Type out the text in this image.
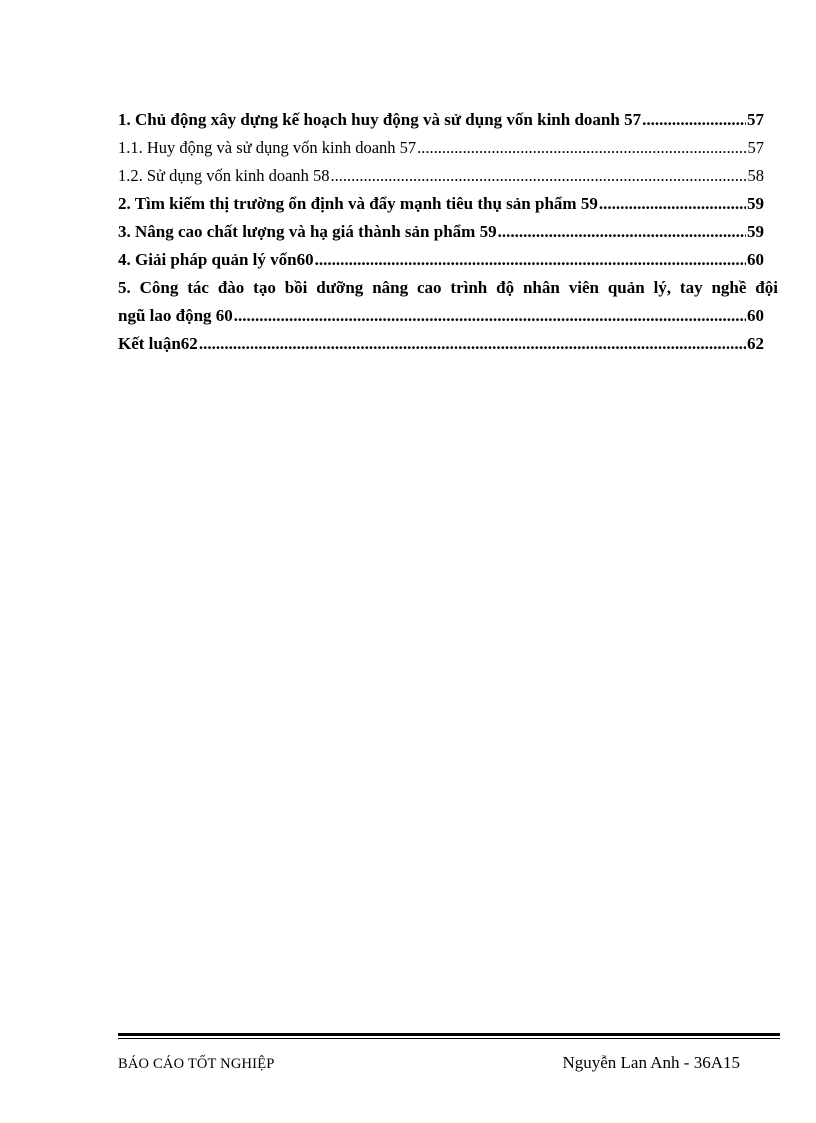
1. Chủ động xây dựng kế hoạch huy động và sử dụng vốn kinh doanh 57 .....	57
1.1. Huy động và sử dụng vốn kinh doanh 57 .....	57
1.2. Sử dụng vốn kinh doanh 58 .....	58
2. Tìm kiếm thị trường ổn định và đẩy mạnh tiêu thụ sản phẩm 59 .....	59
3. Nâng cao chất lượng và hạ giá thành sản phẩm 59 .....	59
4. Giải pháp quản lý vốn60 .....	60
5. Công tác đào tạo bồi dưỡng nâng cao trình độ nhân viên quản lý, tay nghề đội
ngũ lao động 60 .....	60
Kết luận62 .....	62
BÁO CÁO TỐT NGHIỆP	Nguyễn Lan Anh - 36A15
